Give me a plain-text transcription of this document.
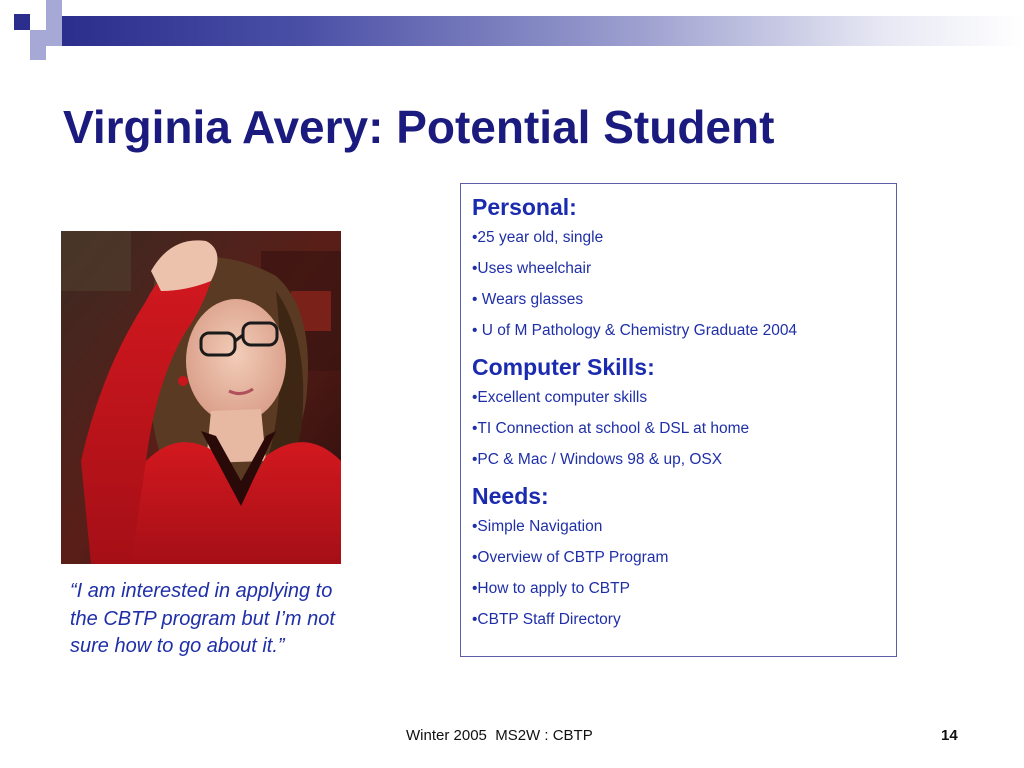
Virginia Avery: Potential Student
“I am interested in applying to the CBTP program but I’m not sure how to go about it.”
Personal:
•25 year old, single
•Uses wheelchair
• Wears glasses
• U of M Pathology & Chemistry Graduate 2004
Computer Skills:
•Excellent computer skills
•TI Connection at school & DSL at home
•PC & Mac / Windows 98 & up, OSX
Needs:
•Simple Navigation
•Overview of CBTP Program
•How to apply to CBTP
•CBTP Staff Directory
Winter 2005  MS2W : CBTP	14
